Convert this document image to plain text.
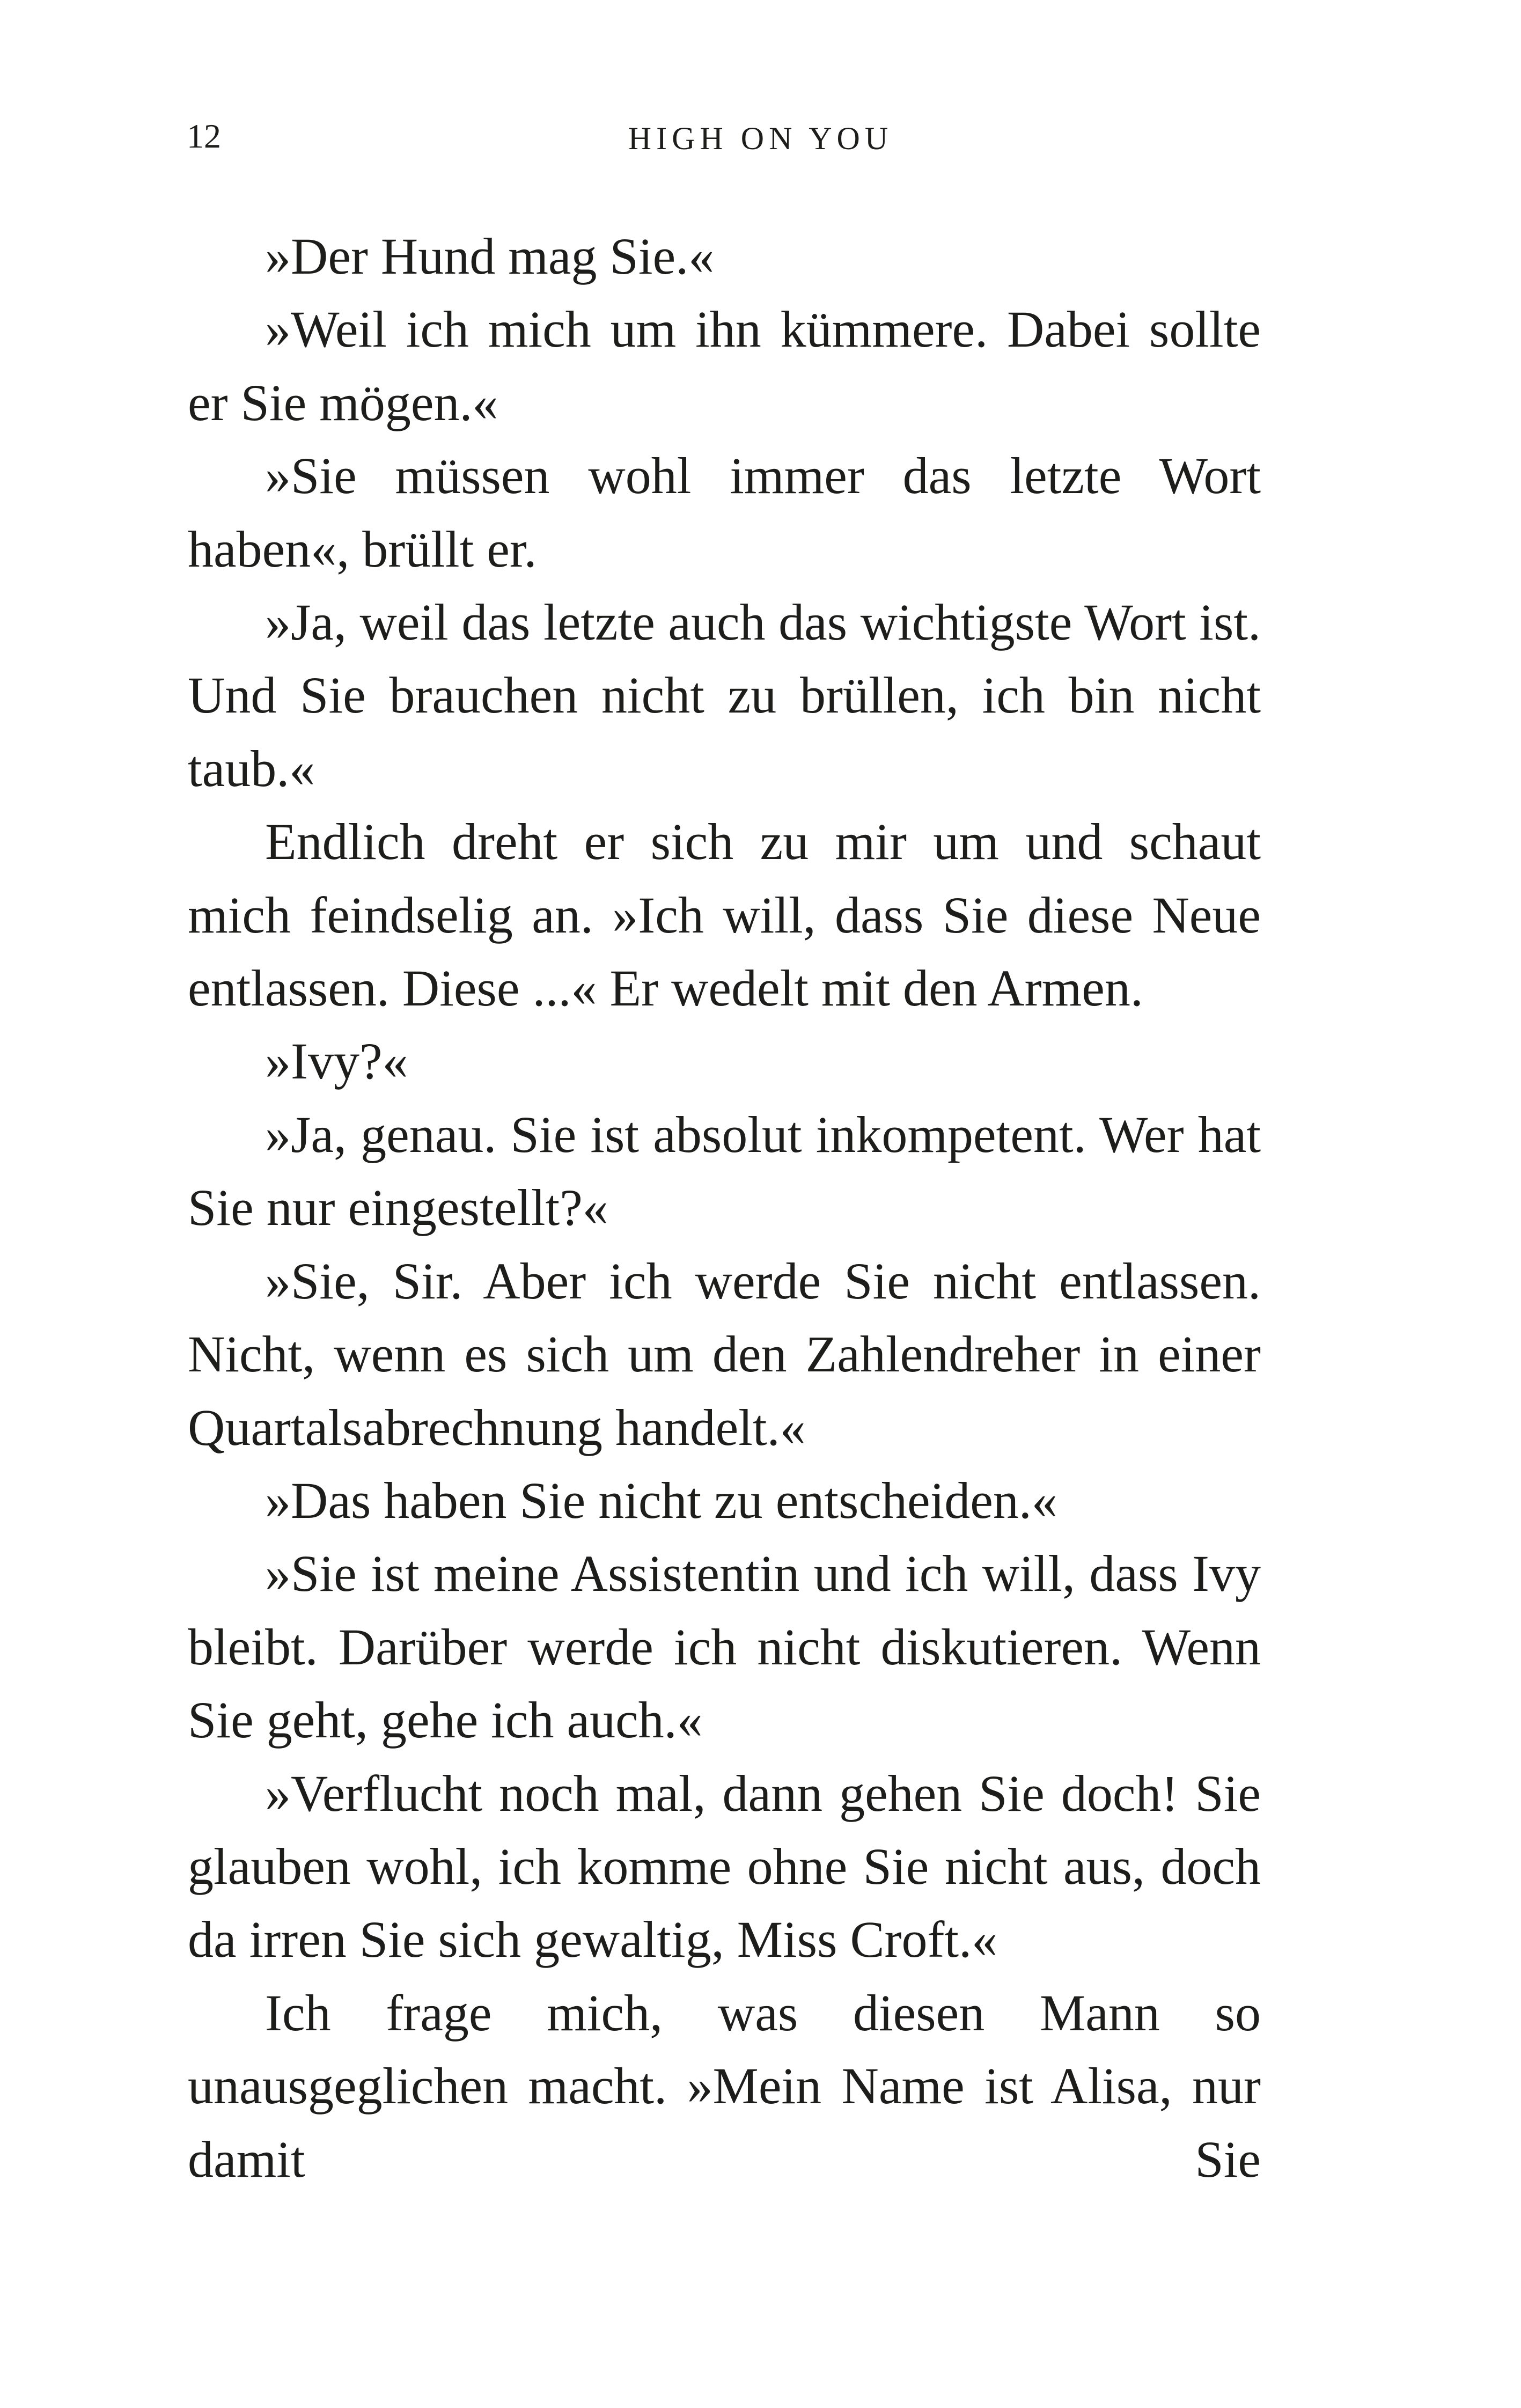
12	HIGH ON YOU

»Der Hund mag Sie.«

»Weil ich mich um ihn kümmere. Dabei sollte er Sie mögen.«

»Sie müssen wohl immer das letzte Wort haben«, brüllt er.

»Ja, weil das letzte auch das wichtigste Wort ist. Und Sie brauchen nicht zu brüllen, ich bin nicht taub.«

Endlich dreht er sich zu mir um und schaut mich feindselig an. »Ich will, dass Sie diese Neue entlassen. Diese ...« Er wedelt mit den Armen.

»Ivy?«

»Ja, genau. Sie ist absolut inkompetent. Wer hat Sie nur eingestellt?«

»Sie, Sir. Aber ich werde Sie nicht entlassen. Nicht, wenn es sich um den Zahlendreher in einer Quartalsabrechnung handelt.«

»Das haben Sie nicht zu entscheiden.«

»Sie ist meine Assistentin und ich will, dass Ivy bleibt. Darüber werde ich nicht diskutieren. Wenn Sie geht, gehe ich auch.«

»Verflucht noch mal, dann gehen Sie doch! Sie glauben wohl, ich komme ohne Sie nicht aus, doch da irren Sie sich gewaltig, Miss Croft.«

Ich frage mich, was diesen Mann so unausgeglichen macht. »Mein Name ist Alisa, nur damit Sie
